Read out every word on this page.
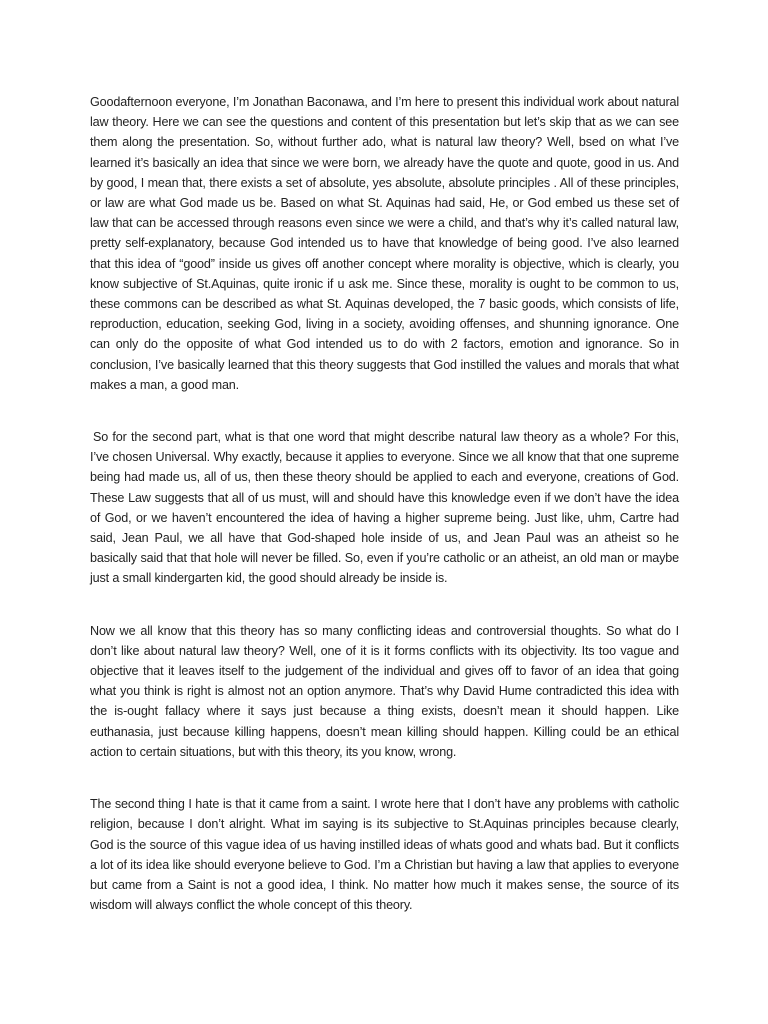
Goodafternoon everyone, I’m Jonathan Baconawa, and I’m here to present this individual work about natural law theory. Here we can see the questions and content of this presentation but let’s skip that as we can see them along the presentation. So, without further ado, what is natural law theory? Well, bsed on what I’ve learned it’s basically an idea that since we were born, we already have the quote and quote, good in us. And by good, I mean that, there exists a set of absolute, yes absolute, absolute principles . All of these principles, or law are what God made us be. Based on what St. Aquinas had said, He, or God embed us these set of law that can be accessed through reasons even since we were a child, and that’s why it’s called natural law, pretty self-explanatory, because God intended us to have that knowledge of being good. I’ve also learned that this idea of “good” inside us gives off another concept where morality is objective, which is clearly, you know subjective of St.Aquinas, quite ironic if u ask me. Since these, morality is ought to be common to us, these commons can be described as what St. Aquinas developed, the 7 basic goods, which consists of life, reproduction, education, seeking God, living in a society, avoiding offenses, and shunning ignorance. One can only do the opposite of what God intended us to do with 2 factors, emotion and ignorance. So in conclusion, I’ve basically learned that this theory suggests that God instilled the values and morals that what makes a man, a good man.

So for the second part, what is that one word that might describe natural law theory as a whole? For this, I’ve chosen Universal. Why exactly, because it applies to everyone. Since we all know that that one supreme being had made us, all of us, then these theory should be applied to each and everyone, creations of God. These Law suggests that all of us must, will and should have this knowledge even if we don’t have the idea of God, or we haven’t encountered the idea of having a higher supreme being. Just like, uhm, Cartre had said, Jean Paul, we all have that God-shaped hole inside of us, and Jean Paul was an atheist so he basically said that that hole will never be filled. So, even if you’re catholic or an atheist, an old man or maybe just a small kindergarten kid, the good should already be inside is.

Now we all know that this theory has so many conflicting ideas and controversial thoughts. So what do I don’t like about natural law theory? Well, one of it is it forms conflicts with its objectivity. Its too vague and objective that it leaves itself to the judgement of the individual and gives off to favor of an idea that going what you think is right is almost not an option anymore. That’s why David Hume contradicted this idea with the is-ought fallacy where it says just because a thing exists, doesn’t mean it should happen. Like euthanasia, just because killing happens, doesn’t mean killing should happen. Killing could be an ethical action to certain situations, but with this theory, its you know, wrong.

The second thing I hate is that it came from a saint. I wrote here that I don’t have any problems with catholic religion, because I don’t alright. What im saying is its subjective to St.Aquinas principles because clearly, God is the source of this vague idea of us having instilled ideas of whats good and whats bad. But it conflicts a lot of its idea like should everyone believe to God. I’m a Christian but having a law that applies to everyone but came from a Saint is not a good idea, I think. No matter how much it makes sense, the source of its wisdom will always conflict the whole concept of this theory.
